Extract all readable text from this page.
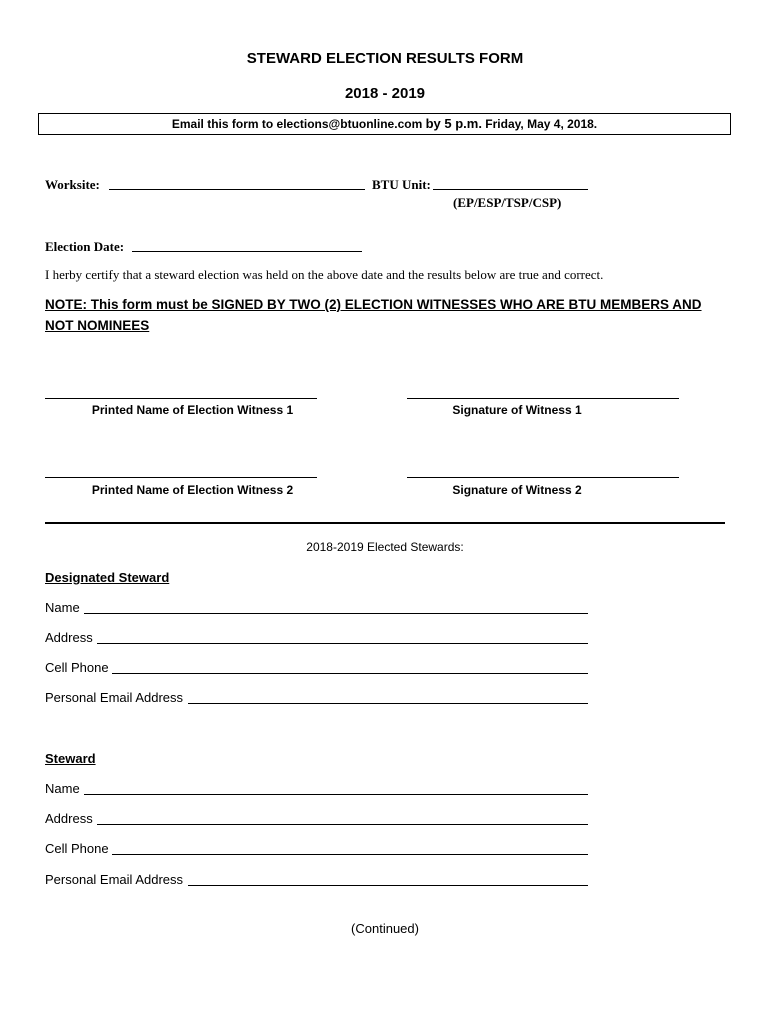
STEWARD ELECTION RESULTS FORM
2018 - 2019
Email this form to elections@btuonline.com by 5 p.m. Friday, May 4, 2018.
Worksite:	BTU Unit:
(EP/ESP/TSP/CSP)
Election Date:
I herby certify that a steward election was held on the above date and the results below are true and correct.
NOTE: This form must be SIGNED BY TWO (2) ELECTION WITNESSES WHO ARE BTU MEMBERS AND NOT NOMINEES
Printed Name of Election Witness 1	Signature of Witness 1
Printed Name of Election Witness 2	Signature of Witness 2
2018-2019 Elected Stewards:
Designated Steward
Name
Address
Cell Phone
Personal Email Address
Steward
Name
Address
Cell Phone
Personal Email Address
(Continued)
